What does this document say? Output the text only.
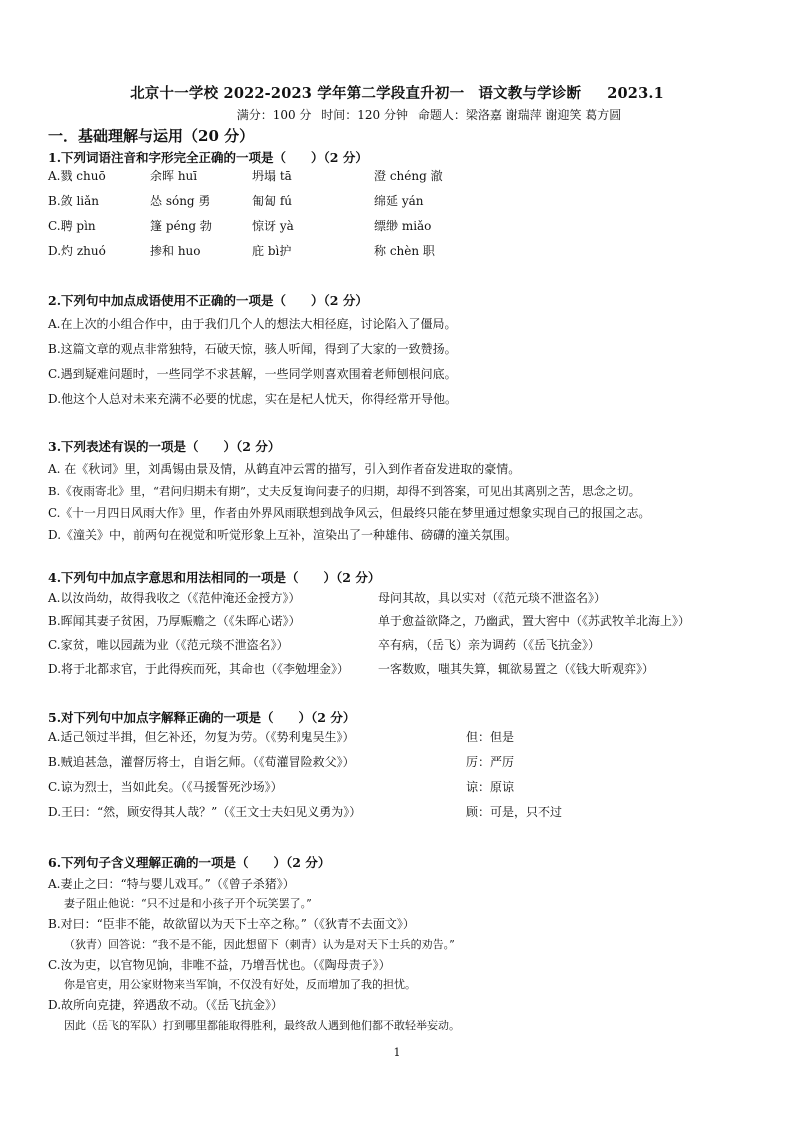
北京十一学校 2022-2023 学年第二学段直升初一 语文教与学诊断 2023.1
满分：100 分 时间：120 分钟 命题人：梁洛嘉 谢瑞萍 谢迎笑 葛方圆
一．基础理解与运用（20 分）
1.下列词语注音和字形完全正确的一项是（　　）（2 分）
A.戮 chuō	余晖 huī	坍塌 tā	澄 chéng 澈
B.敛 liǎn	怂 sóng 勇	匍匐 fú	绵延 yán
C.聘 pìn	篷 péng 勃	惊讶 yà	缥缈 miǎo
D.灼 zhuó	掺和 huo	庇 bì护	称 chèn 职
2.下列句中加点成语使用不正确的一项是（　　）（2 分）
A.在上次的小组合作中，由于我们几个人的想法大相径庭，讨论陷入了僵局。
B.这篇文章的观点非常独特，石破天惊，骇人听闻，得到了大家的一致赞扬。
C.遇到疑难问题时，一些同学不求甚解，一些同学则喜欢围着老师刨根问底。
D.他这个人总对未来充满不必要的忧虑，实在是杞人忧天，你得经常开导他。
3.下列表述有误的一项是（　　）（2 分）
A. 在《秋词》里，刘禹锡由景及情，从鹤直冲云霄的描写，引入到作者奋发进取的豪情。
B.《夜雨寄北》里，“君问归期未有期”，丈夫反复询问妻子的归期，却得不到答案，可见出其离别之苦，思念之切。
C.《十一月四日风雨大作》里，作者由外界风雨联想到战争风云，但最终只能在梦里通过想象实现自己的报国之志。
D.《潼关》中，前两句在视觉和听觉形象上互补，渲染出了一种雄伟、磅礴的潼关氛围。
4.下列句中加点字意思和用法相同的一项是（　　）（2 分）
A.以汝尚幼，故得我收之（《范仲淹还金授方》）	母问其故，具以实对（《范元琰不泄盗名》）
B.晖闻其妻子贫困，乃厚赈赡之（《朱晖心诺》）	单于愈益欲降之，乃幽武，置大窖中（《苏武牧羊北海上》）
C.家贫，唯以园蔬为业（《范元琰不泄盗名》）	卒有病，（岳飞）亲为调药（《岳飞抗金》）
D.将于北都求官，于此得疾而死，其命也（《李勉埋金》） 一客数败，嗤其失算，辄欲易置之（《钱大昕观弈》）
5.对下列句中加点字解释正确的一项是（　　）（2 分）
A.适己领过半揖，但乞补还，勿复为劳。（《势利鬼吴生》）	但：但是
B.贼追甚急，灌督厉将士，自诣乞师。（《荀灌冒险救父》）	厉：严厉
C.谅为烈士，当如此矣。（《马援誓死沙场》）	谅：原谅
D.王曰：“然，顾安得其人哉？”（《王文士夫妇见义勇为》）	顾：可是，只不过
6.下列句子含义理解正确的一项是（　　）（2 分）
A.妻止之曰：“特与婴儿戏耳。”（《曾子杀猪》）
妻子阻止他说：“只不过是和小孩子开个玩笑罢了。”
B.对曰：“臣非不能，故欲留以为天下士卒之称。”（《狄青不去面文》）
（狄青）回答说：“我不是不能，因此想留下（刺青）认为是对天下士兵的劝告。”
C.汝为吏，以官物见饷，非唯不益，乃增吾忧也。（《陶母责子》）
你是官吏，用公家财物来当军饷，不仅没有好处，反而增加了我的担忧。
D.故所向克捷，猝遇敌不动。（《岳飞抗金》）
因此（岳飞的军队）打到哪里都能取得胜利，最终敌人遇到他们都不敢轻举妄动。
1
